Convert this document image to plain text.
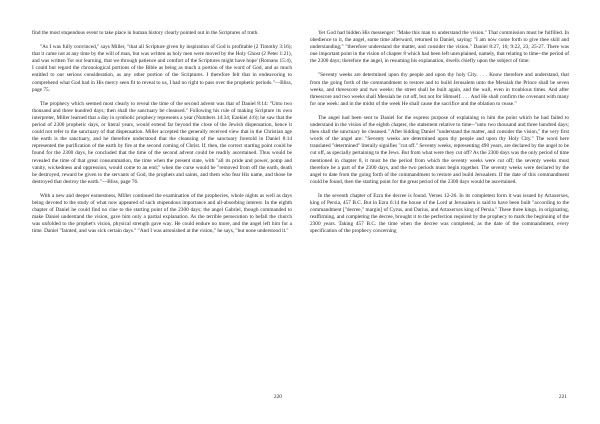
find the most stupendous event to take place in human history clearly pointed out in the Scriptures of truth.

"As I was fully convinced," says Miller, "that all Scripture given by inspiration of God is profitable (2 Timothy 3:16); that it came not at any time by the will of man, but was written as holy men were moved by the Holy Ghost (2 Peter 1:21), and was written 'for our learning, that we through patience and comfort of the Scriptures might have hope' (Romans 15:4), I could but regard the chronological portions of the Bible as being as much a portion of the word of God, and as much entitled to our serious consideration, as any other portion of the Scriptures. I therefore felt that in endeavoring to comprehend what God had in His mercy seen fit to reveal to us, I had no right to pass over the prophetic periods."—Bliss, page 75.

The prophecy which seemed most clearly to reveal the time of the second advent was that of Daniel 8:14: "Unto two thousand and three hundred days; then shall the sanctuary be cleansed." Following his rule of making Scripture its own interpreter, Miller learned that a day in symbolic prophecy represents a year (Numbers 14:34; Ezekiel 4:6); he saw that the period of 2300 prophetic days, or literal years, would extend far beyond the close of the Jewish dispensation, hence it could not refer to the sanctuary of that dispensation. Miller accepted the generally received view that in the Christian age the earth is the sanctuary, and he therefore understood that the cleansing of the sanctuary foretold in Daniel 8:14 represented the purification of the earth by fire at the second coming of Christ. If, then, the correct starting point could be found for the 2300 days, he concluded that the time of the second advent could be readily ascertained. Thus would be revealed the time of that great consummation, the time when the present state, with "all its pride and power, pomp and vanity, wickedness and oppression, would come to an end;" when the curse would be "removed from off the earth, death be destroyed, reward be given to the servants of God, the prophets and saints, and them who fear His name, and those be destroyed that destroy the earth."—Bliss, page 76.

With a new and deeper earnestness, Miller continued the examination of the prophecies, whole nights as well as days being devoted to the study of what now appeared of such stupendous importance and all-absorbing interest. In the eighth chapter of Daniel he could find no clue to the starting point of the 2300 days; the angel Gabriel, though commanded to make Daniel understand the vision, gave him only a partial explanation. As the terrible persecution to befall the church was unfolded to the prophet's vision, physical strength gave way. He could endure no more, and the angel left him for a time. Daniel "fainted, and was sick certain days." "And I was astonished at the vision," he says, "but none understood it."

220

Yet God had bidden His messenger: "Make this man to understand the vision." That commission must be fulfilled. In obedience to it, the angel, some time afterward, returned to Daniel, saying: "I am now come forth to give thee skill and understanding;" "therefore understand the matter, and consider the vision." Daniel 8:27, 16; 9:22, 23, 25-27. There was one important point in the vision of chapter 8 which had been left unexplained, namely, that relating to time--the period of the 2300 days; therefore the angel, in resuming his explanation, dwells chiefly upon the subject of time:

"Seventy weeks are determined upon thy people and upon thy holy City. . . . Know therefore and understand, that from the going forth of the commandment to restore and to build Jerusalem unto the Messiah the Prince shall be seven weeks, and threescore and two weeks: the street shall be built again, and the wall, even in troublous times. And after threescore and two weeks shall Messiah be cut off, but not for Himself. . . . And He shall confirm the covenant with many for one week: and in the midst of the week He shall cause the sacrifice and the oblation to cease."

The angel had been sent to Daniel for the express purpose of explaining to him the point which he had failed to understand in the vision of the eighth chapter, the statement relative to time--"unto two thousand and three hundred days; then shall the sanctuary be cleansed." After bidding Daniel "understand the matter, and consider the vision," the very first words of the angel are: "Seventy weeks are determined upon thy people and upon thy Holy City." The word here translated "determined" literally signifies "cut off." Seventy weeks, representing 490 years, are declared by the angel to be cut off, as specially pertaining to the Jews. But from what were they cut off? As the 2300 days was the only period of time mentioned in chapter 8, it must be the period from which the seventy weeks were cut off; the seventy weeks must therefore be a part of the 2300 days, and the two periods must begin together. The seventy weeks were declared by the angel to date from the going forth of the commandment to restore and build Jerusalem. If the date of this commandment could be found, then the starting point for the great period of the 2300 days would be ascertained.

In the seventh chapter of Ezra the decree is found. Verses 12-26. In its completest form it was issued by Artaxerxes, king of Persia, 457 B.C. But in Ezra 6:14 the house of the Lord at Jerusalem is said to have been built "according to the commandment ["decree," margin] of Cyrus, and Darius, and Artaxerxes king of Persia." These three kings, in originating, reaffirming, and completing the decree, brought it to the perfection required by the prophecy to mark the beginning of the 2300 years. Taking 457 B.C. the time when the decree was completed, as the date of the commandment, every specification of the prophecy concerning

221
